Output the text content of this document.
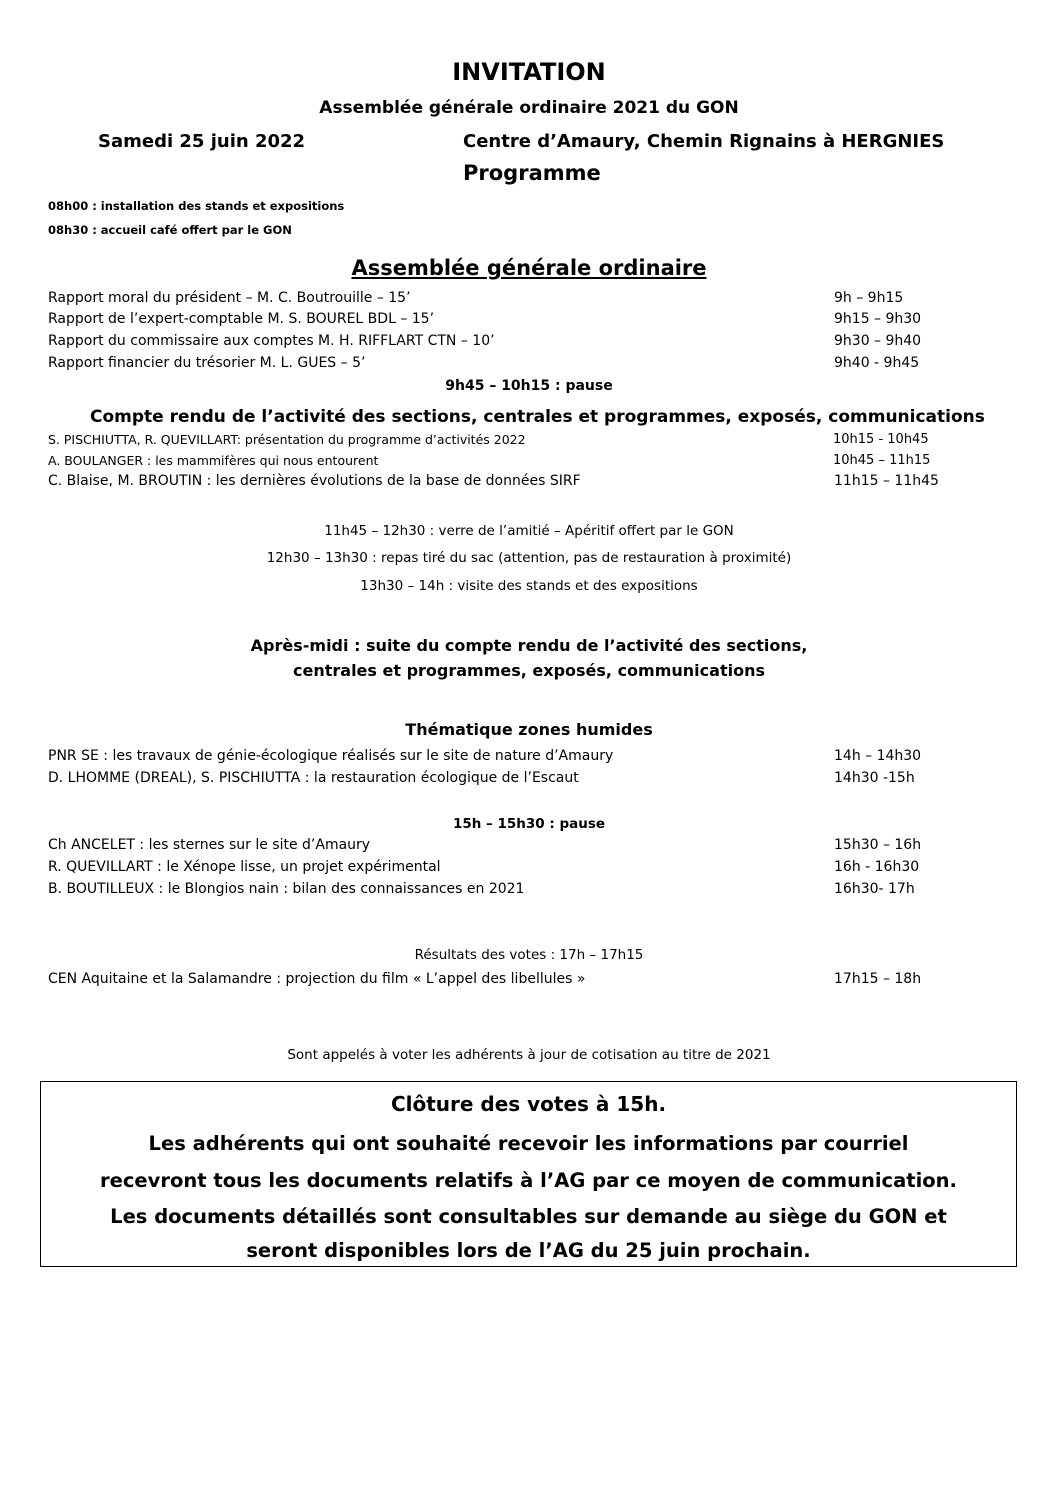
INVITATION
Assemblée générale ordinaire 2021 du GON
Samedi 25 juin 2022	Centre d’Amaury, Chemin Rignains à HERGNIES
Programme
08h00 : installation des stands et expositions
08h30 : accueil café offert par le GON
Assemblée générale ordinaire
Rapport moral du président – M. C. Boutrouille – 15’	9h – 9h15
Rapport de l’expert-comptable M. S. BOUREL BDL – 15’	9h15 – 9h30
Rapport du commissaire aux comptes M. H. RIFFLART CTN – 10’	9h30 – 9h40
Rapport financier du trésorier M. L. GUES – 5’	9h40 - 9h45
9h45 – 10h15 : pause
Compte rendu de l’activité des sections, centrales et programmes, exposés, communications
S. PISCHIUTTA, R. QUEVILLART: présentation du programme d’activités 2022	10h15 - 10h45
A. BOULANGER : les mammifères qui nous entourent	10h45 – 11h15
C. Blaise, M. BROUTIN : les dernières évolutions de la base de données SIRF	11h15 – 11h45
11h45 – 12h30 : verre de l’amitié – Apéritif offert par le GON
12h30 – 13h30 : repas tiré du sac (attention, pas de restauration à proximité)
13h30 – 14h : visite des stands et des expositions
Après-midi : suite du compte rendu de l’activité des sections,
centrales et programmes, exposés, communications
Thématique zones humides
PNR SE : les travaux de génie-écologique réalisés sur le site de nature d’Amaury	14h – 14h30
D. LHOMME (DREAL), S. PISCHIUTTA : la restauration écologique de l’Escaut	14h30 -15h
15h – 15h30 : pause
Ch ANCELET : les sternes sur le site d’Amaury	15h30 – 16h
R. QUEVILLART : le Xénope lisse, un projet expérimental	16h - 16h30
B. BOUTILLEUX : le Blongios nain : bilan des connaissances en 2021	16h30- 17h
Résultats des votes : 17h – 17h15
CEN Aquitaine et la Salamandre : projection du film « L’appel des libellules »	17h15 – 18h
Sont appelés à voter les adhérents à jour de cotisation au titre de 2021
Clôture des votes à 15h.
Les adhérents qui ont souhaité recevoir les informations par courriel
recevront tous les documents relatifs à l’AG par ce moyen de communication.
Les documents détaillés sont consultables sur demande au siège du GON et
seront disponibles lors de l’AG du 25 juin prochain.
